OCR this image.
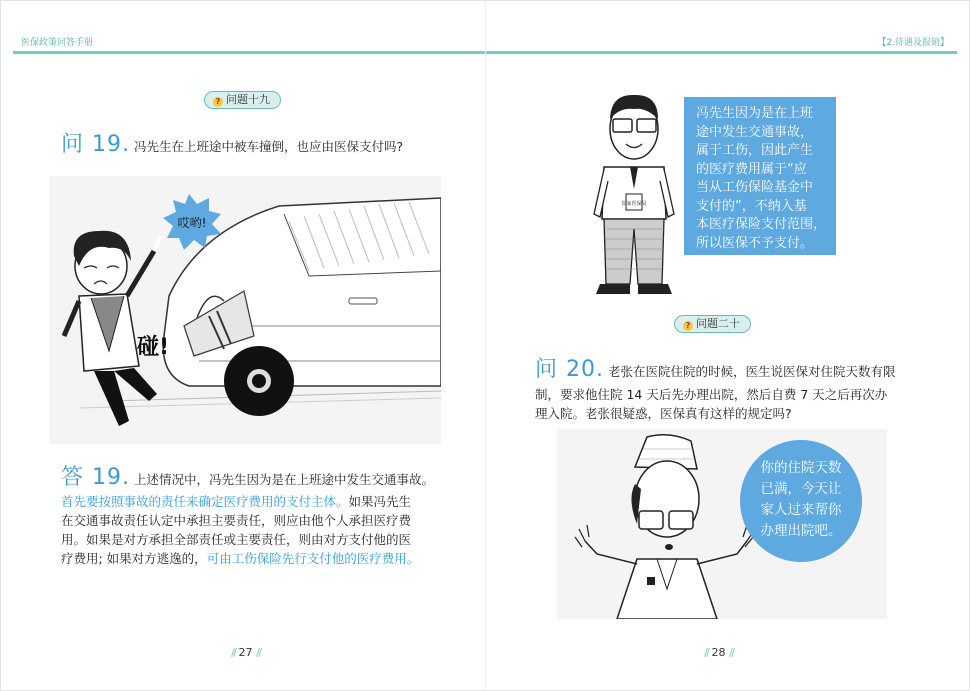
医保政策问答手册	【2.待遇及报销】
? 问题十九
问 19. 冯先生在上班途中被车撞倒，也应由医保支付吗?
哎哟!
碰!
答 19. 上述情况中，冯先生因为是在上班途中发生交通事故。
首先要按照事故的责任来确定医疗费用的支付主体。如果冯先生
在交通事故责任认定中承担主要责任，则应由他个人承担医疗费
用。如果是对方承担全部责任或主要责任，则由对方支付他的医
疗费用; 如果对方逃逸的，可由工伤保险先行支付他的医疗费用。
// 27 //
国家医保局
冯先生因为是在上班
途中发生交通事故，
属于工伤，因此产生
的医疗费用属于“应
当从工伤保险基金中
支付的”，不纳入基
本医疗保险支付范围，
所以医保不予支付。
? 问题二十
问 20. 老张在医院住院的时候，医生说医保对住院天数有限
制，要求他住院 14 天后先办理出院，然后自费 7 天之后再次办
理入院。老张很疑惑，医保真有这样的规定吗?
你的住院天数
已满，今天让
家人过来帮你
办理出院吧。
// 28 //
